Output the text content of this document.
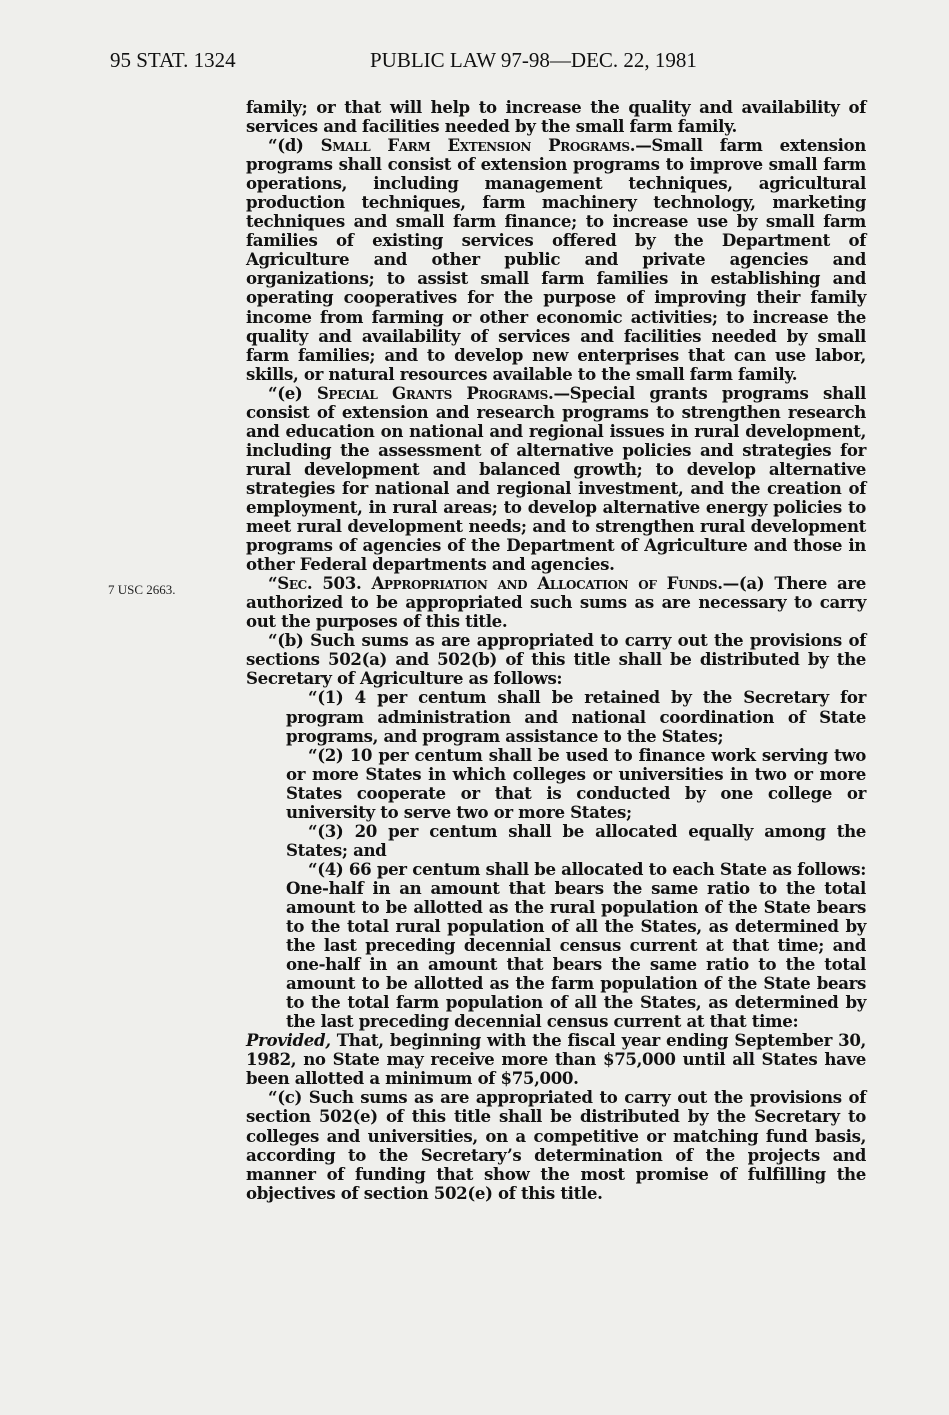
95 STAT. 1324	PUBLIC LAW 97-98—DEC. 22, 1981
7 USC 2663.

family; or that will help to increase the quality and availability of services and facilities needed by the small farm family.

“(d) Small Farm Extension Programs.—Small farm extension programs shall consist of extension programs to improve small farm operations, including management techniques, agricultural production techniques, farm machinery technology, marketing techniques and small farm finance; to increase use by small farm families of existing services offered by the Department of Agriculture and other public and private agencies and organizations; to assist small farm families in establishing and operating cooperatives for the purpose of improving their family income from farming or other economic activities; to increase the quality and availability of services and facilities needed by small farm families; and to develop new enterprises that can use labor, skills, or natural resources available to the small farm family.

“(e) Special Grants Programs.—Special grants programs shall consist of extension and research programs to strengthen research and education on national and regional issues in rural development, including the assessment of alternative policies and strategies for rural development and balanced growth; to develop alternative strategies for national and regional investment, and the creation of employment, in rural areas; to develop alternative energy policies to meet rural development needs; and to strengthen rural development programs of agencies of the Department of Agriculture and those in other Federal departments and agencies.

“Sec. 503. Appropriation and Allocation of Funds.—(a) There are authorized to be appropriated such sums as are necessary to carry out the purposes of this title.

“(b) Such sums as are appropriated to carry out the provisions of sections 502(a) and 502(b) of this title shall be distributed by the Secretary of Agriculture as follows:

“(1) 4 per centum shall be retained by the Secretary for program administration and national coordination of State programs, and program assistance to the States;

“(2) 10 per centum shall be used to finance work serving two or more States in which colleges or universities in two or more States cooperate or that is conducted by one college or university to serve two or more States;

“(3) 20 per centum shall be allocated equally among the States; and

“(4) 66 per centum shall be allocated to each State as follows: One-half in an amount that bears the same ratio to the total amount to be allotted as the rural population of the State bears to the total rural population of all the States, as determined by the last preceding decennial census current at that time; and one-half in an amount that bears the same ratio to the total amount to be allotted as the farm population of the State bears to the total farm population of all the States, as determined by the last preceding decennial census current at that time:

Provided, That, beginning with the fiscal year ending September 30, 1982, no State may receive more than $75,000 until all States have been allotted a minimum of $75,000.

“(c) Such sums as are appropriated to carry out the provisions of section 502(e) of this title shall be distributed by the Secretary to colleges and universities, on a competitive or matching fund basis, according to the Secretary’s determination of the projects and manner of funding that show the most promise of fulfilling the objectives of section 502(e) of this title.
